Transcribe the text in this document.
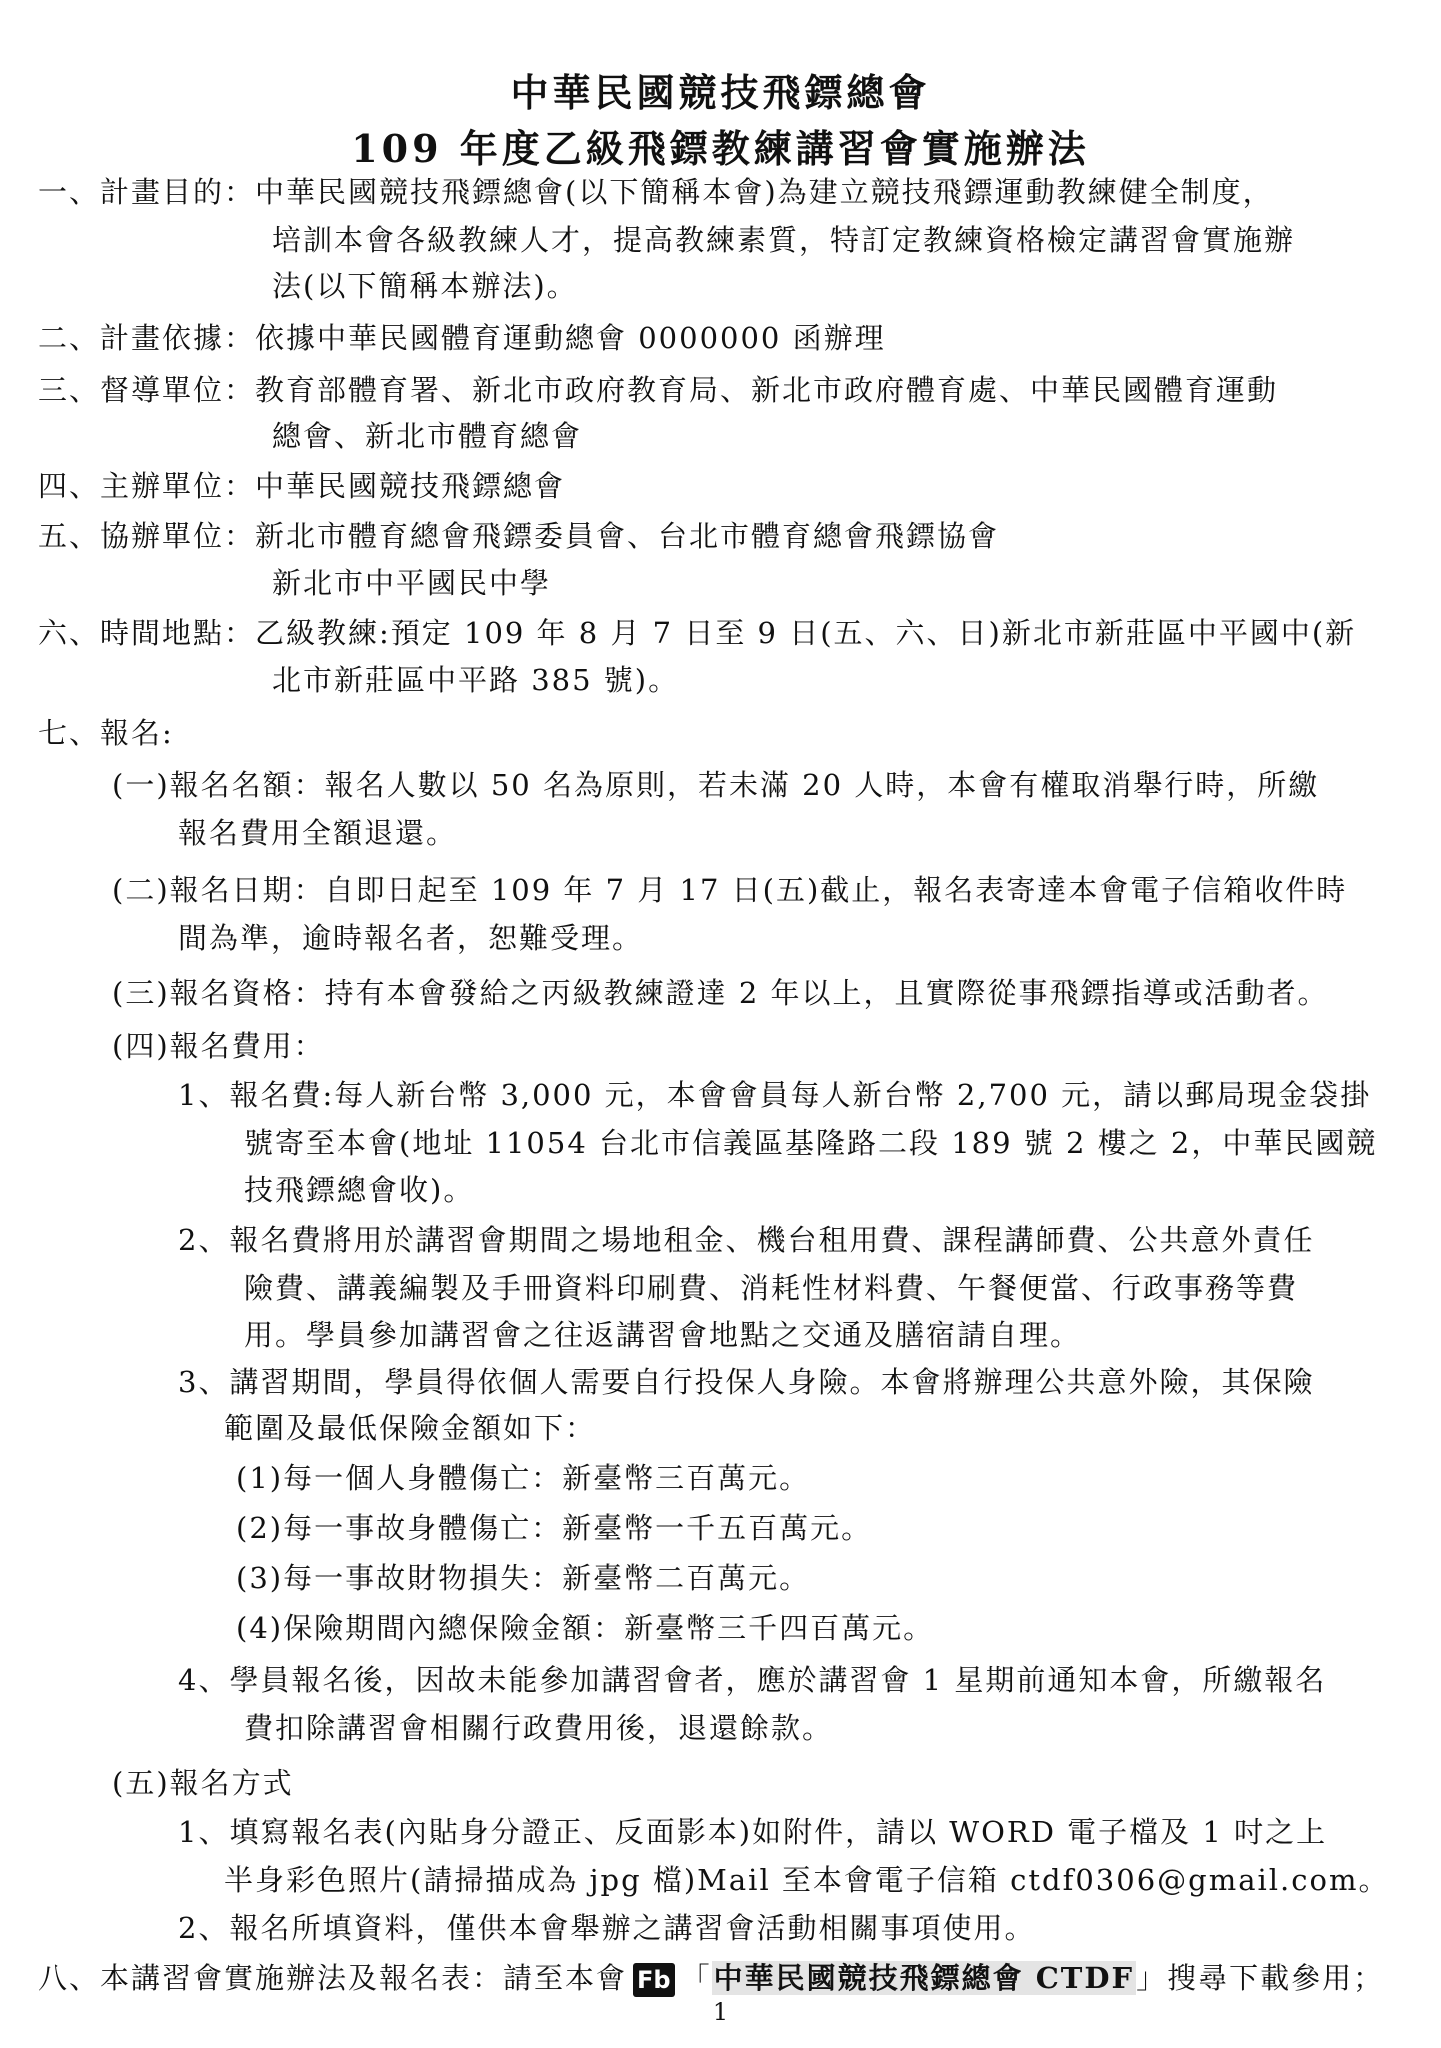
中華民國競技飛鏢總會
109 年度乙級飛鏢教練講習會實施辦法
一、計畫目的：中華民國競技飛鏢總會(以下簡稱本會)為建立競技飛鏢運動教練健全制度，
培訓本會各級教練人才，提高教練素質，特訂定教練資格檢定講習會實施辦
法(以下簡稱本辦法)。
二、計畫依據：依據中華民國體育運動總會 0000000 函辦理
三、督導單位：教育部體育署、新北市政府教育局、新北市政府體育處、中華民國體育運動
總會、新北市體育總會
四、主辦單位：中華民國競技飛鏢總會
五、協辦單位：新北市體育總會飛鏢委員會、台北市體育總會飛鏢協會
新北市中平國民中學
六、時間地點：乙級教練:預定 109 年 8 月 7 日至 9 日(五、六、日)新北市新莊區中平國中(新
北市新莊區中平路 385 號)。
七、報名:
(一)報名名額：報名人數以 50 名為原則，若未滿 20 人時，本會有權取消舉行時，所繳
報名費用全額退還。
(二)報名日期：自即日起至 109 年 7 月 17 日(五)截止，報名表寄達本會電子信箱收件時
間為準，逾時報名者，恕難受理。
(三)報名資格：持有本會發給之丙級教練證達 2 年以上，且實際從事飛鏢指導或活動者。
(四)報名費用：
1、報名費:每人新台幣 3,000 元，本會會員每人新台幣 2,700 元，請以郵局現金袋掛
號寄至本會(地址 11054 台北市信義區基隆路二段 189 號 2 樓之 2，中華民國競
技飛鏢總會收)。
2、報名費將用於講習會期間之場地租金、機台租用費、課程講師費、公共意外責任
險費、講義編製及手冊資料印刷費、消耗性材料費、午餐便當、行政事務等費
用。學員參加講習會之往返講習會地點之交通及膳宿請自理。
3、講習期間，學員得依個人需要自行投保人身險。本會將辦理公共意外險，其保險
範圍及最低保險金額如下：
(1)每一個人身體傷亡：新臺幣三百萬元。
(2)每一事故身體傷亡：新臺幣一千五百萬元。
(3)每一事故財物損失：新臺幣二百萬元。
(4)保險期間內總保險金額：新臺幣三千四百萬元。
4、學員報名後，因故未能參加講習會者，應於講習會 1 星期前通知本會，所繳報名
費扣除講習會相關行政費用後，退還餘款。
(五)報名方式
1、填寫報名表(內貼身分證正、反面影本)如附件，請以 WORD 電子檔及 1 吋之上
半身彩色照片(請掃描成為 jpg 檔)Mail 至本會電子信箱 ctdf0306@gmail.com。
2、報名所填資料，僅供本會舉辦之講習會活動相關事項使用。
八、本講習會實施辦法及報名表：請至本會 Fb 「中華民國競技飛鏢總會 CTDF」搜尋下載參用；
1
